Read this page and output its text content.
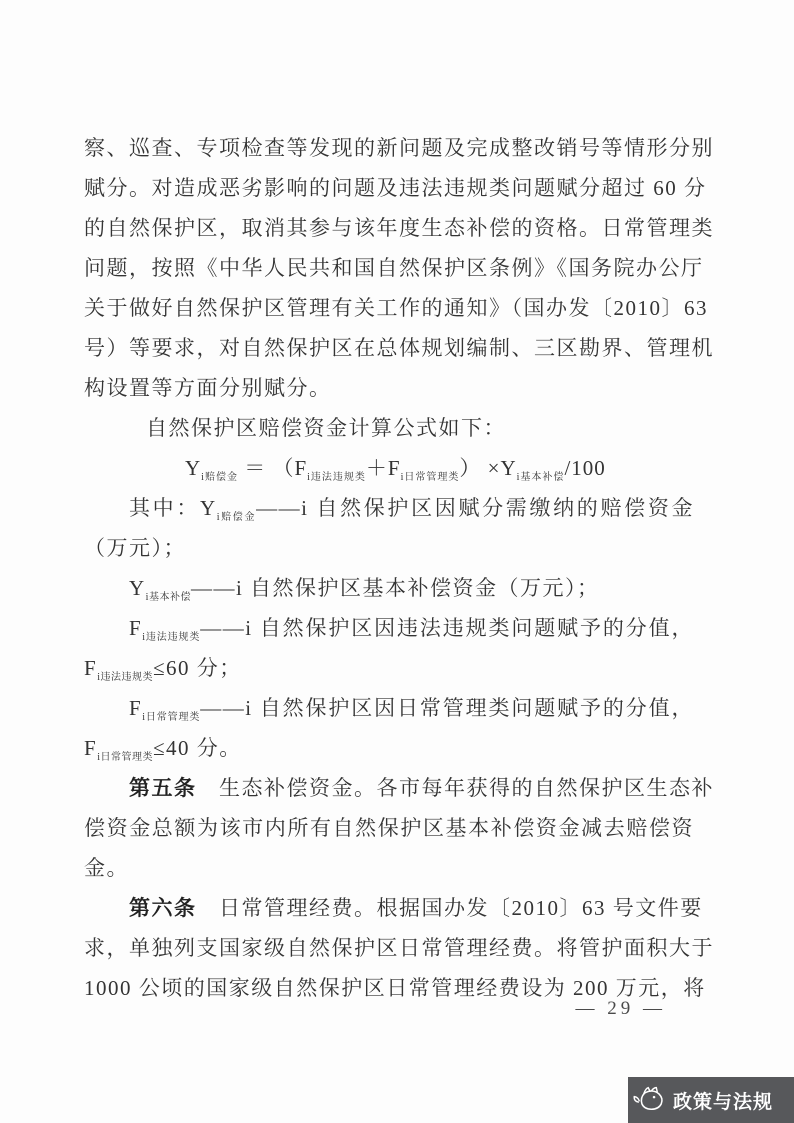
察、巡查、专项检查等发现的新问题及完成整改销号等情形分别
赋分。对造成恶劣影响的问题及违法违规类问题赋分超过 60 分
的自然保护区，取消其参与该年度生态补偿的资格。日常管理类
问题，按照《中华人民共和国自然保护区条例》《国务院办公厅
关于做好自然保护区管理有关工作的通知》（国办发〔2010〕63
号）等要求，对自然保护区在总体规划编制、三区勘界、管理机
构设置等方面分别赋分。
自然保护区赔偿资金计算公式如下：
$Y_{i赔偿金} = (F_{i违法违规类}+F_{i日常管理类}) \times Y_{i基本补偿}/100$
其中：$Y_{i赔偿金}——i$ 自然保护区因赋分需缴纳的赔偿资金
（万元）；
$Y_{i基本补偿}——i$ 自然保护区基本补偿资金（万元）；
$F_{i违法违规类}——i$ 自然保护区因违法违规类问题赋予的分值，
$F_{i违法违规类}\le 60$ 分；
$F_{i日常管理类}——i$ 自然保护区因日常管理类问题赋予的分值，
$F_{i日常管理类}\le 40$ 分。
第五条　生态补偿资金。各市每年获得的自然保护区生态补
偿资金总额为该市内所有自然保护区基本补偿资金减去赔偿资
金。
第六条　日常管理经费。根据国办发〔2010〕63 号文件要
求，单独列支国家级自然保护区日常管理经费。将管护面积大于
1000 公顷的国家级自然保护区日常管理经费设为 200 万元，将
— 29 —
政策与法规
